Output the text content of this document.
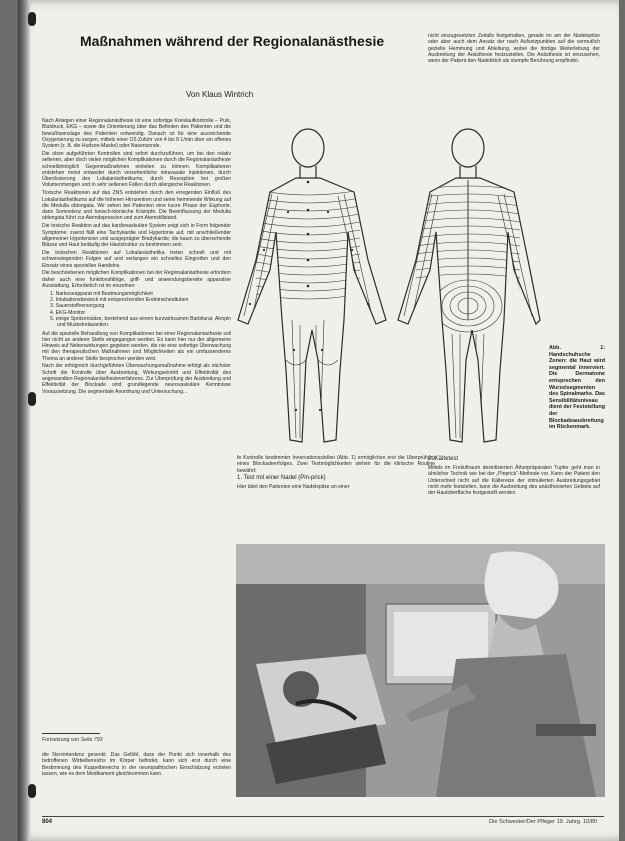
Maßnahmen während der Regionalanästhesie
Von Klaus Wintrich
nicht einzugesetzten Zeitalls festgehalten, gerade im am der Nadelspitze oder aber auch dem Ansatz der nach Aufsetzpunkten auf die vermutlich gezielte Hemmung und Ableitung, wobei die dortige Weiterleitung der Ausbreitung der Anästhesie festzustellen. Die Anästhesie ist einzusehen, wenn der Patient den Nadelstich als stumpfe Berührung empfindet.

Nach Anlegen einer Regionalanästhesie ist eine sofortige Kreislaufkontrolle – Puls, Blutdruck, EKG – sowie die Orientierung über das Befinden des Patienten und die bewußtseinslage des Patienten notwendig. Danach ist für eine ausreichende Oxygenierung zu sorgen, mittels einer O2-Zufuhr von 4 bis 8 L/min über ein offenes System (z. B. die Hudson-Maske) oder Nasensonde.

Die oben aufgeführten Kontrollen sind sofort durchzuführen, um bei den relativ seltenen, aber doch vielen möglichen Komplikationen durch die Regionalanästhesie schnellstmöglich Gegenmaßnahmen einleiten zu können. Komplikationen entstehen meist entweder durch versehentliche intravasale Injektionen, durch Überdosierung des Lokalanästhetikums, durch Resorption bei großen Volumenmengen und in sehr seltenen Fällen durch allergische Reaktionen.

Toxische Reaktionen auf das ZNS entstehen durch den erregenden Einfluß des Lokalanästhetikums auf die höheren Hirnzentren und seine hemmende Wirkung auf die Medulla oblongata. Wir sehen bei Patienten eine kurze Phase der Euphorie, dann Somnolenz und tonisch-klonische Krämpfe. Die Beeinflussung der Medulla oblongata führt zur Atemdepression und zum Atemstillstand.

Die toxische Reaktion auf das kardiovaskuläre System zeigt sich in Form folgender Symptome: zuerst fällt eine Tachykardie und Hypertonie auf, mit anschließender allgemeiner Hypotension und ausgeprägter Bradykardie; die kaum zu übersehende Blässe und Haut beiläufig der Hautstruktur zu bestimmen sein.

Die toxischen Reaktionen auf Lokalanästhetika treten schnell und mit schwerwiegenden Folgen auf und verlangen ein schnelles Eingreifen und den Einsatz eines speziellen Handelns.

Die beschriebenen möglichen Komplikationen bei der Regionalanästhesie erfordern daher auch eine funktionsfähige, griff- und anwendungsbereite apparative Ausstattung. Erforderlich ist im einzelnen:

1. Narkoseapparat mit Beatmungsmöglichkeit
2. Intubationsbesteck mit entsprechenden Endotrachealtuben
3. Sauerstoffversorgung
4. EKG-Monitor
5. einige Spritzensätze, bestehend aus einem kurzwirksamen Barbiturat, Atropin und Muskelrelaxantien.

Auf die spezielle Behandlung von Komplikationen bei einer Regionalanästhesie soll hier nicht an anderer Stelle eingegangen werden. Es kann hier nur der allgemeine Hinweis auf Nebenwirkungen gegeben werden, die nie eine sofortige Überwachung mit den therapeutischen Maßnahmen und Möglichkeiten als ein umfassenderes Thema an anderer Stelle besprochen werden wird.

Nach der erfolgreich durchgeführten Überwachungsmaßnahme erfolgt als nächster Schritt die Kontrolle über Ausbreitung, Wirkungseintritt und Effektivität des angewandten Regionalanästhesieverfahrens. Zur Überprüfung der Ausbreitung und Effektivität der Blockade sind grundlegende neurovaskuläre Kenntnisse Voraussetzung. Die segmentale Anordnung und Untersuchung...

Abb. 1: Handschuhsche Zonen: die Haut wird segmental innerviert. Die Dermatome entsprechen den Wurzelsegmenten des Spinalmarks. Das Sensibilitätsniveau dient der Feststellung der Blockadeausbreitung im Rückenmark.

fe Kontrolle bestimmter Innervationsstellen (Abb. 1) ermöglichen erst die Überprüfung eines Blockadeerfolges. Zwei Testmöglichkeiten stehen für die klinische Routine bewährt:

1. Test mit einer Nadel (Pin-prick)

Hier tätet den Patienten eine Nadelspitze an einer

2. Kältetest

Mittels im Freiluftraum desinfizierten Ätherpräparaten Tupfer geht man in ähnlicher Technik wie bei der „Pinprick“-Methode vor. Kann der Patient den Unterschied nicht auf die Kältereize der stimulierten Ausbreitungsgebiet nicht mehr feststellen, kann die Ausbreitung des anästhesierten Gebiets auf der Hautoberfläche festgestellt werden.

Fortsetzung von Seite 793
die Nervinterdenz gesenkt. Das Gefühl, dass der Punkt sich innerhalb des betroffenen Wirbelbereichs im Körper befindet, kann sich erst durch eine Bestimmung des Kuppelbereichs in der neuropathischen Einschätzung erzielen lassen, wie es dem Medikament gleichkommen kann.
804	Die Schwester/Der Pfleger 19. Jahrg. 10/80
